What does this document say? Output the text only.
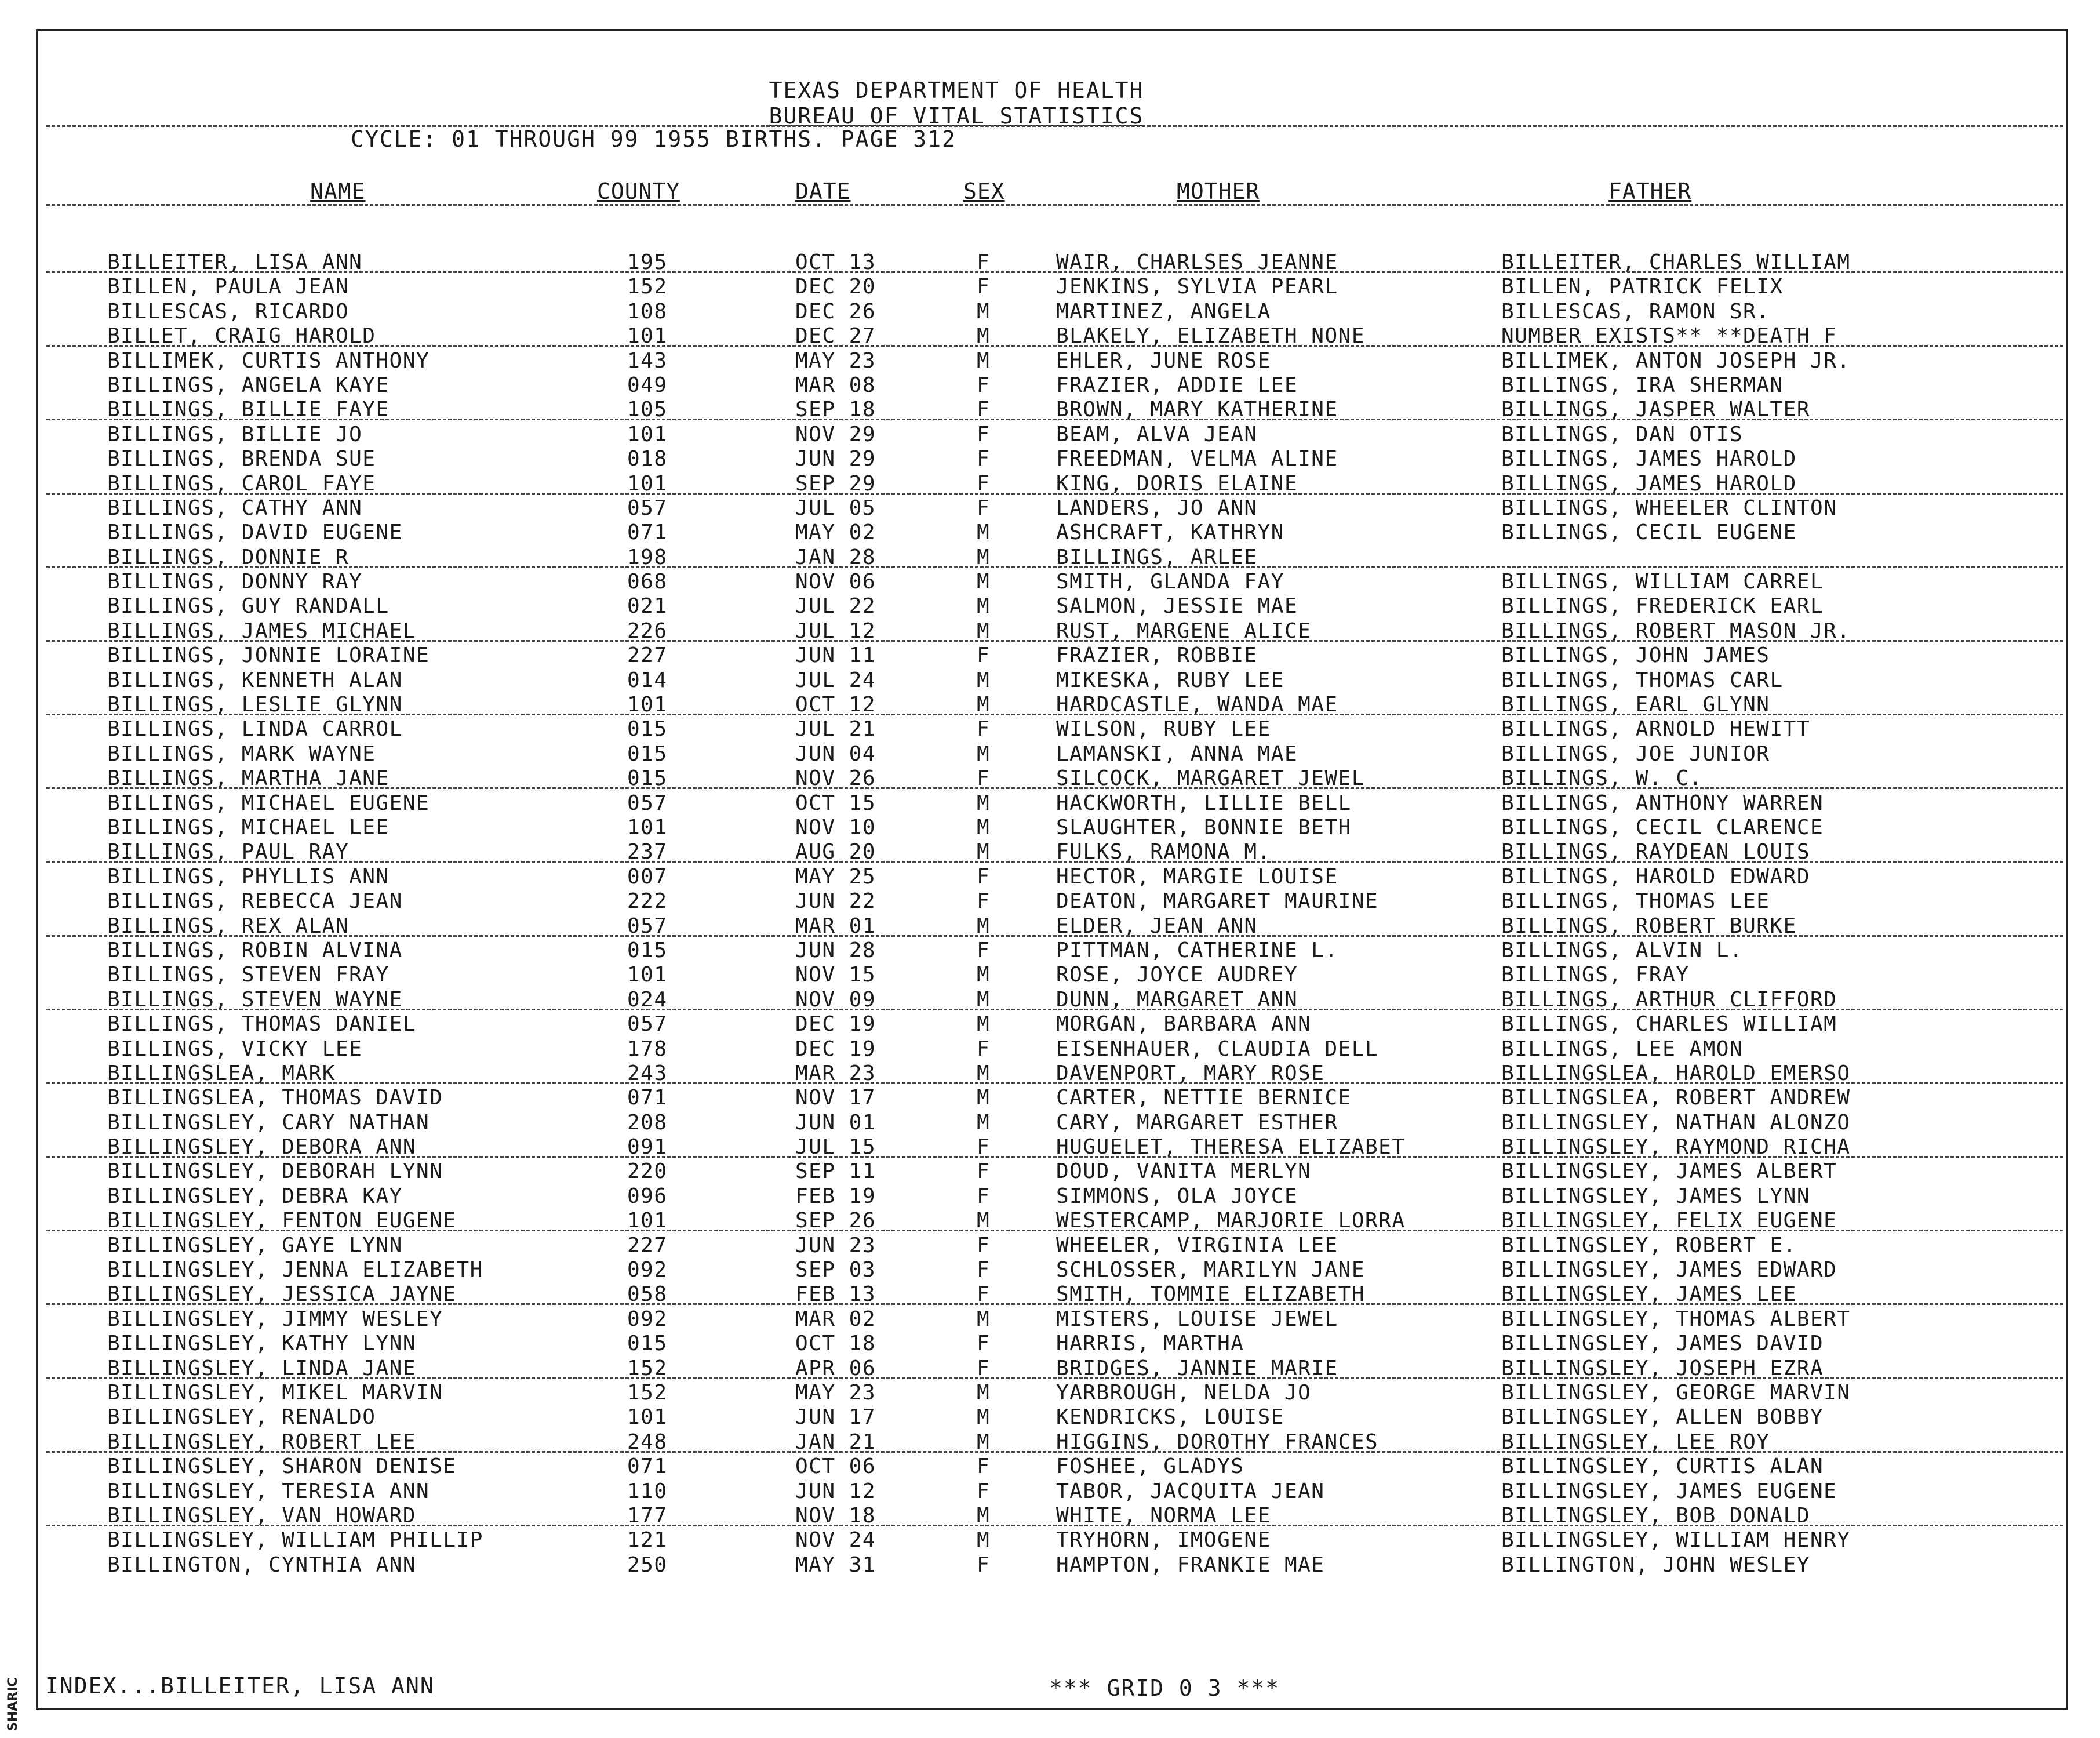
SHARIC
TEXAS DEPARTMENT OF HEALTH
BUREAU OF VITAL STATISTICS
CYCLE: 01 THROUGH 99 1955 BIRTHS. PAGE 312
NAME	COUNTY	DATE	SEX	MOTHER	FATHER
BILLEITER, LISA ANN	195	OCT 13	F	WAIR, CHARLSES JEANNE	BILLEITER, CHARLES WILLIAM
BILLEN, PAULA JEAN	152	DEC 20	F	JENKINS, SYLVIA PEARL	BILLEN, PATRICK FELIX
BILLESCAS, RICARDO	108	DEC 26	M	MARTINEZ, ANGELA	BILLESCAS, RAMON SR.
BILLET, CRAIG HAROLD	101	DEC 27	M	BLAKELY, ELIZABETH NONE	NUMBER EXISTS** **DEATH F
BILLIMEK, CURTIS ANTHONY	143	MAY 23	M	EHLER, JUNE ROSE	BILLIMEK, ANTON JOSEPH JR.
BILLINGS, ANGELA KAYE	049	MAR 08	F	FRAZIER, ADDIE LEE	BILLINGS, IRA SHERMAN
BILLINGS, BILLIE FAYE	105	SEP 18	F	BROWN, MARY KATHERINE	BILLINGS, JASPER WALTER
BILLINGS, BILLIE JO	101	NOV 29	F	BEAM, ALVA JEAN	BILLINGS, DAN OTIS
BILLINGS, BRENDA SUE	018	JUN 29	F	FREEDMAN, VELMA ALINE	BILLINGS, JAMES HAROLD
BILLINGS, CAROL FAYE	101	SEP 29	F	KING, DORIS ELAINE	BILLINGS, JAMES HAROLD
BILLINGS, CATHY ANN	057	JUL 05	F	LANDERS, JO ANN	BILLINGS, WHEELER CLINTON
BILLINGS, DAVID EUGENE	071	MAY 02	M	ASHCRAFT, KATHRYN	BILLINGS, CECIL EUGENE
BILLINGS, DONNIE R	198	JAN 28	M	BILLINGS, ARLEE
BILLINGS, DONNY RAY	068	NOV 06	M	SMITH, GLANDA FAY	BILLINGS, WILLIAM CARREL
BILLINGS, GUY RANDALL	021	JUL 22	M	SALMON, JESSIE MAE	BILLINGS, FREDERICK EARL
BILLINGS, JAMES MICHAEL	226	JUL 12	M	RUST, MARGENE ALICE	BILLINGS, ROBERT MASON JR.
BILLINGS, JONNIE LORAINE	227	JUN 11	F	FRAZIER, ROBBIE	BILLINGS, JOHN JAMES
BILLINGS, KENNETH ALAN	014	JUL 24	M	MIKESKA, RUBY LEE	BILLINGS, THOMAS CARL
BILLINGS, LESLIE GLYNN	101	OCT 12	M	HARDCASTLE, WANDA MAE	BILLINGS, EARL GLYNN
BILLINGS, LINDA CARROL	015	JUL 21	F	WILSON, RUBY LEE	BILLINGS, ARNOLD HEWITT
BILLINGS, MARK WAYNE	015	JUN 04	M	LAMANSKI, ANNA MAE	BILLINGS, JOE JUNIOR
BILLINGS, MARTHA JANE	015	NOV 26	F	SILCOCK, MARGARET JEWEL	BILLINGS, W. C.
BILLINGS, MICHAEL EUGENE	057	OCT 15	M	HACKWORTH, LILLIE BELL	BILLINGS, ANTHONY WARREN
BILLINGS, MICHAEL LEE	101	NOV 10	M	SLAUGHTER, BONNIE BETH	BILLINGS, CECIL CLARENCE
BILLINGS, PAUL RAY	237	AUG 20	M	FULKS, RAMONA M.	BILLINGS, RAYDEAN LOUIS
BILLINGS, PHYLLIS ANN	007	MAY 25	F	HECTOR, MARGIE LOUISE	BILLINGS, HAROLD EDWARD
BILLINGS, REBECCA JEAN	222	JUN 22	F	DEATON, MARGARET MAURINE	BILLINGS, THOMAS LEE
BILLINGS, REX ALAN	057	MAR 01	M	ELDER, JEAN ANN	BILLINGS, ROBERT BURKE
BILLINGS, ROBIN ALVINA	015	JUN 28	F	PITTMAN, CATHERINE L.	BILLINGS, ALVIN L.
BILLINGS, STEVEN FRAY	101	NOV 15	M	ROSE, JOYCE AUDREY	BILLINGS, FRAY
BILLINGS, STEVEN WAYNE	024	NOV 09	M	DUNN, MARGARET ANN	BILLINGS, ARTHUR CLIFFORD
BILLINGS, THOMAS DANIEL	057	DEC 19	M	MORGAN, BARBARA ANN	BILLINGS, CHARLES WILLIAM
BILLINGS, VICKY LEE	178	DEC 19	F	EISENHAUER, CLAUDIA DELL	BILLINGS, LEE AMON
BILLINGSLEA, MARK	243	MAR 23	M	DAVENPORT, MARY ROSE	BILLINGSLEA, HAROLD EMERSO
BILLINGSLEA, THOMAS DAVID	071	NOV 17	M	CARTER, NETTIE BERNICE	BILLINGSLEA, ROBERT ANDREW
BILLINGSLEY, CARY NATHAN	208	JUN 01	M	CARY, MARGARET ESTHER	BILLINGSLEY, NATHAN ALONZO
BILLINGSLEY, DEBORA ANN	091	JUL 15	F	HUGUELET, THERESA ELIZABET	BILLINGSLEY, RAYMOND RICHA
BILLINGSLEY, DEBORAH LYNN	220	SEP 11	F	DOUD, VANITA MERLYN	BILLINGSLEY, JAMES ALBERT
BILLINGSLEY, DEBRA KAY	096	FEB 19	F	SIMMONS, OLA JOYCE	BILLINGSLEY, JAMES LYNN
BILLINGSLEY, FENTON EUGENE	101	SEP 26	M	WESTERCAMP, MARJORIE LORRA	BILLINGSLEY, FELIX EUGENE
BILLINGSLEY, GAYE LYNN	227	JUN 23	F	WHEELER, VIRGINIA LEE	BILLINGSLEY, ROBERT E.
BILLINGSLEY, JENNA ELIZABETH	092	SEP 03	F	SCHLOSSER, MARILYN JANE	BILLINGSLEY, JAMES EDWARD
BILLINGSLEY, JESSICA JAYNE	058	FEB 13	F	SMITH, TOMMIE ELIZABETH	BILLINGSLEY, JAMES LEE
BILLINGSLEY, JIMMY WESLEY	092	MAR 02	M	MISTERS, LOUISE JEWEL	BILLINGSLEY, THOMAS ALBERT
BILLINGSLEY, KATHY LYNN	015	OCT 18	F	HARRIS, MARTHA	BILLINGSLEY, JAMES DAVID
BILLINGSLEY, LINDA JANE	152	APR 06	F	BRIDGES, JANNIE MARIE	BILLINGSLEY, JOSEPH EZRA
BILLINGSLEY, MIKEL MARVIN	152	MAY 23	M	YARBROUGH, NELDA JO	BILLINGSLEY, GEORGE MARVIN
BILLINGSLEY, RENALDO	101	JUN 17	M	KENDRICKS, LOUISE	BILLINGSLEY, ALLEN BOBBY
BILLINGSLEY, ROBERT LEE	248	JAN 21	M	HIGGINS, DOROTHY FRANCES	BILLINGSLEY, LEE ROY
BILLINGSLEY, SHARON DENISE	071	OCT 06	F	FOSHEE, GLADYS	BILLINGSLEY, CURTIS ALAN
BILLINGSLEY, TERESIA ANN	110	JUN 12	F	TABOR, JACQUITA JEAN	BILLINGSLEY, JAMES EUGENE
BILLINGSLEY, VAN HOWARD	177	NOV 18	M	WHITE, NORMA LEE	BILLINGSLEY, BOB DONALD
BILLINGSLEY, WILLIAM PHILLIP	121	NOV 24	M	TRYHORN, IMOGENE	BILLINGSLEY, WILLIAM HENRY
BILLINGTON, CYNTHIA ANN	250	MAY 31	F	HAMPTON, FRANKIE MAE	BILLINGTON, JOHN WESLEY
INDEX...BILLEITER, LISA ANN	*** GRID 0 3 ***
